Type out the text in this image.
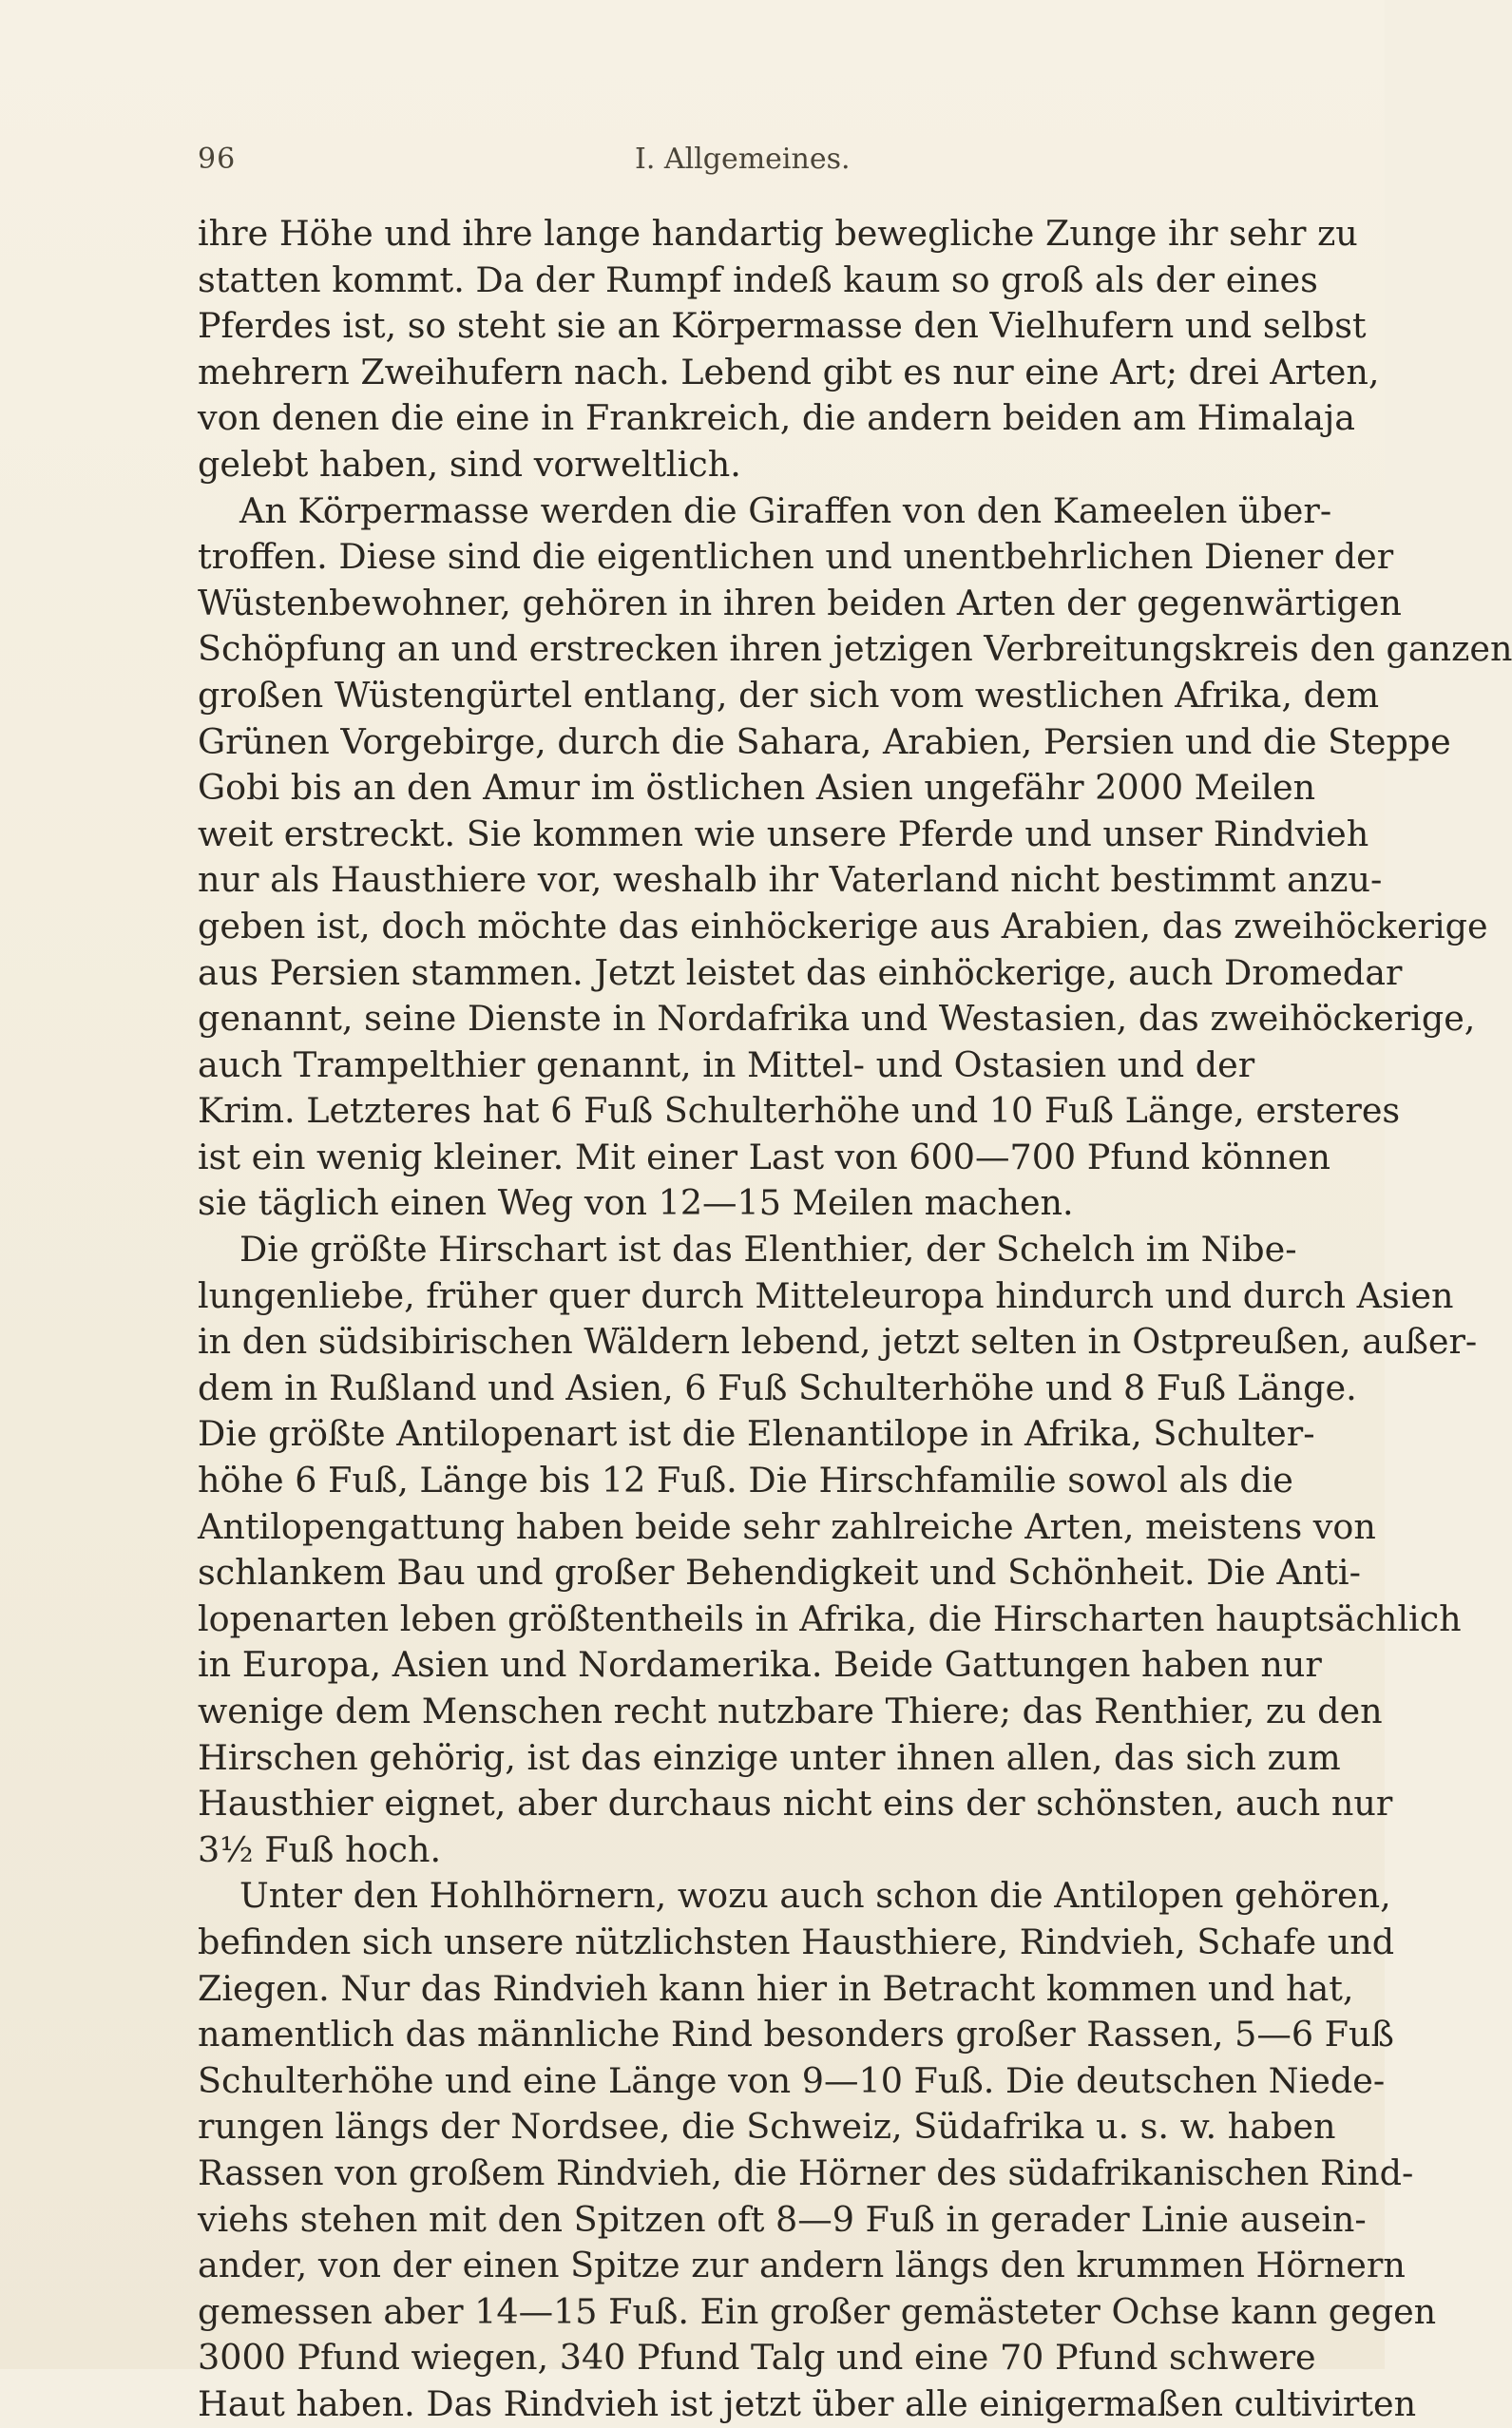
96	I. Allgemeines.
ihre Höhe und ihre lange handartig bewegliche Zunge ihr sehr zu
statten kommt. Da der Rumpf indeß kaum so groß als der eines
Pferdes ist, so steht sie an Körpermasse den Vielhufern und selbst
mehrern Zweihufern nach. Lebend gibt es nur eine Art; drei Arten,
von denen die eine in Frankreich, die andern beiden am Himalaja
gelebt haben, sind vorweltlich.
An Körpermasse werden die Giraffen von den Kameelen über-
troffen. Diese sind die eigentlichen und unentbehrlichen Diener der
Wüstenbewohner, gehören in ihren beiden Arten der gegenwärtigen
Schöpfung an und erstrecken ihren jetzigen Verbreitungskreis den ganzen
großen Wüstengürtel entlang, der sich vom westlichen Afrika, dem
Grünen Vorgebirge, durch die Sahara, Arabien, Persien und die Steppe
Gobi bis an den Amur im östlichen Asien ungefähr 2000 Meilen
weit erstreckt. Sie kommen wie unsere Pferde und unser Rindvieh
nur als Hausthiere vor, weshalb ihr Vaterland nicht bestimmt anzu-
geben ist, doch möchte das einhöckerige aus Arabien, das zweihöckerige
aus Persien stammen. Jetzt leistet das einhöckerige, auch Dromedar
genannt, seine Dienste in Nordafrika und Westasien, das zweihöckerige,
auch Trampelthier genannt, in Mittel- und Ostasien und der
Krim. Letzteres hat 6 Fuß Schulterhöhe und 10 Fuß Länge, ersteres
ist ein wenig kleiner. Mit einer Last von 600—700 Pfund können
sie täglich einen Weg von 12—15 Meilen machen.
Die größte Hirschart ist das Elenthier, der Schelch im Nibe-
lungenliebe, früher quer durch Mitteleuropa hindurch und durch Asien
in den südsibirischen Wäldern lebend, jetzt selten in Ostpreußen, außer-
dem in Rußland und Asien, 6 Fuß Schulterhöhe und 8 Fuß Länge.
Die größte Antilopenart ist die Elenantilope in Afrika, Schulter-
höhe 6 Fuß, Länge bis 12 Fuß. Die Hirschfamilie sowol als die
Antilopengattung haben beide sehr zahlreiche Arten, meistens von
schlankem Bau und großer Behendigkeit und Schönheit. Die Anti-
lopenarten leben größtentheils in Afrika, die Hirscharten hauptsächlich
in Europa, Asien und Nordamerika. Beide Gattungen haben nur
wenige dem Menschen recht nutzbare Thiere; das Renthier, zu den
Hirschen gehörig, ist das einzige unter ihnen allen, das sich zum
Hausthier eignet, aber durchaus nicht eins der schönsten, auch nur
3½ Fuß hoch.
Unter den Hohlhörnern, wozu auch schon die Antilopen gehören,
befinden sich unsere nützlichsten Hausthiere, Rindvieh, Schafe und
Ziegen. Nur das Rindvieh kann hier in Betracht kommen und hat,
namentlich das männliche Rind besonders großer Rassen, 5—6 Fuß
Schulterhöhe und eine Länge von 9—10 Fuß. Die deutschen Niede-
rungen längs der Nordsee, die Schweiz, Südafrika u. s. w. haben
Rassen von großem Rindvieh, die Hörner des südafrikanischen Rind-
viehs stehen mit den Spitzen oft 8—9 Fuß in gerader Linie ausein-
ander, von der einen Spitze zur andern längs den krummen Hörnern
gemessen aber 14—15 Fuß. Ein großer gemästeter Ochse kann gegen
3000 Pfund wiegen, 340 Pfund Talg und eine 70 Pfund schwere
Haut haben. Das Rindvieh ist jetzt über alle einigermaßen cultivirten
